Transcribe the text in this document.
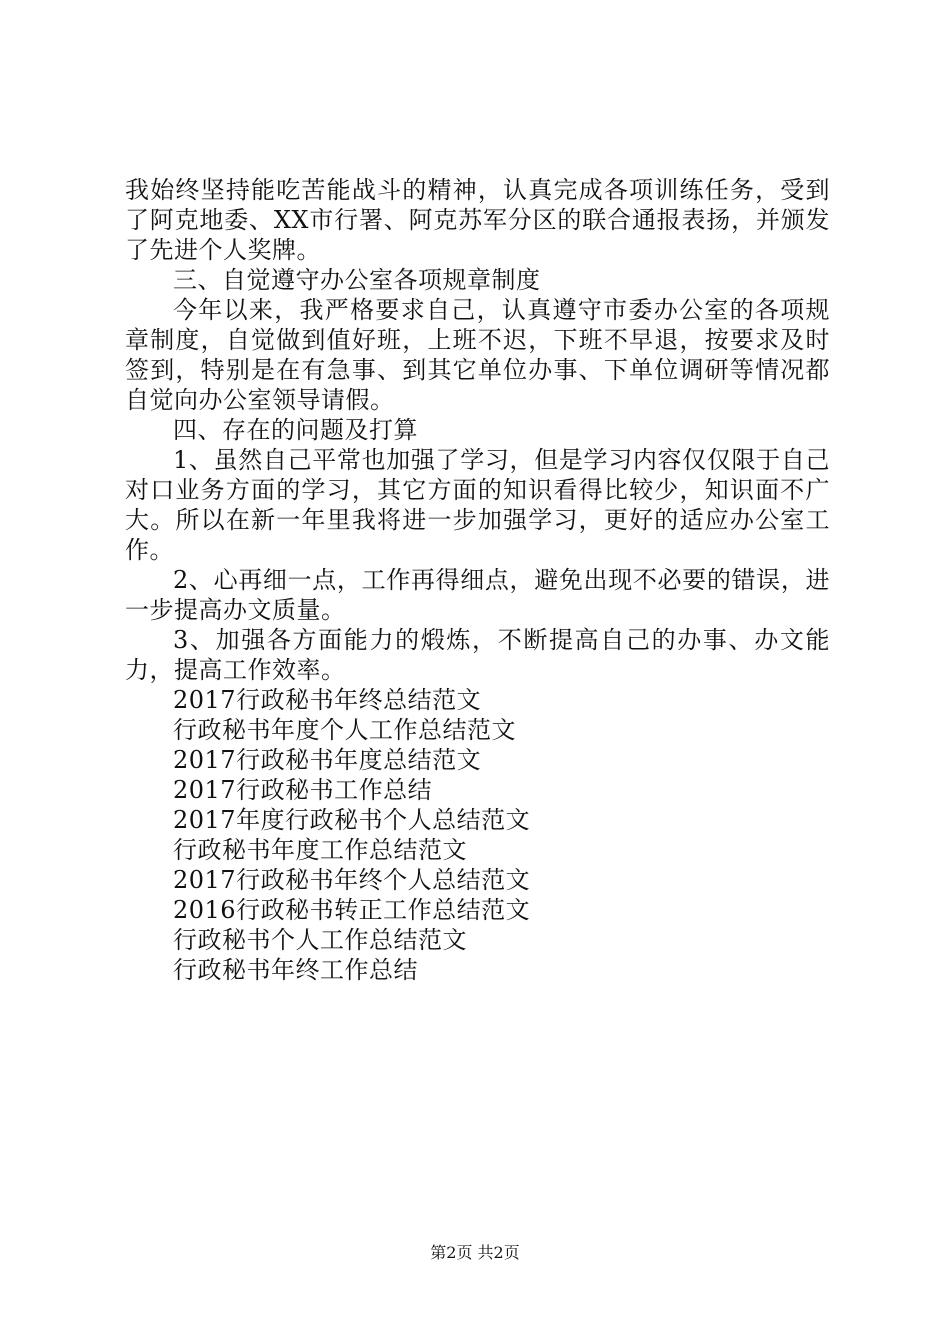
我始终坚持能吃苦能战斗的精神，认真完成各项训练任务，受到了阿克地委、XX市行署、阿克苏军分区的联合通报表扬，并颁发了先进个人奖牌。

三、自觉遵守办公室各项规章制度

今年以来，我严格要求自己，认真遵守市委办公室的各项规章制度，自觉做到值好班，上班不迟，下班不早退，按要求及时签到，特别是在有急事、到其它单位办事、下单位调研等情况都自觉向办公室领导请假。

四、存在的问题及打算

1、虽然自己平常也加强了学习，但是学习内容仅仅限于自己对口业务方面的学习，其它方面的知识看得比较少，知识面不广大。所以在新一年里我将进一步加强学习，更好的适应办公室工作。

2、心再细一点，工作再得细点，避免出现不必要的错误，进一步提高办文质量。

3、加强各方面能力的煅炼，不断提高自己的办事、办文能力，提高工作效率。

2017行政秘书年终总结范文
行政秘书年度个人工作总结范文
2017行政秘书年度总结范文
2017行政秘书工作总结
2017年度行政秘书个人总结范文
行政秘书年度工作总结范文
2017行政秘书年终个人总结范文
2016行政秘书转正工作总结范文
行政秘书个人工作总结范文
行政秘书年终工作总结
第2页 共2页
